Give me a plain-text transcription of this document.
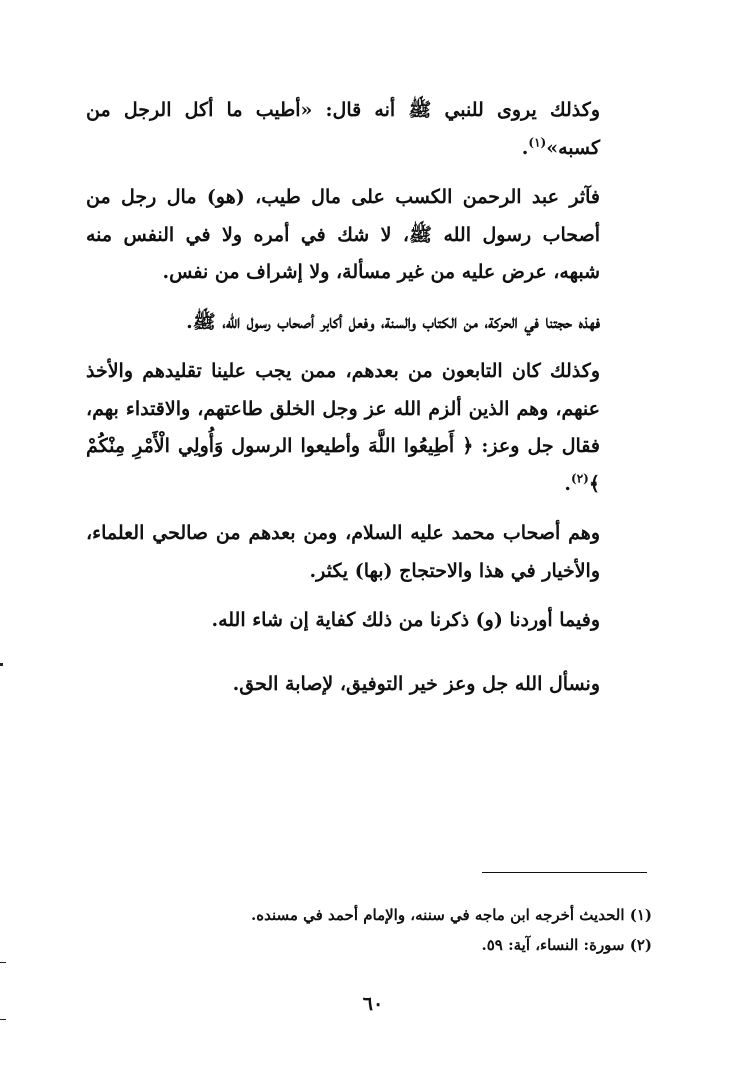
وكذلك يروى للنبي ﷺ أنه قال: «أطيب ما أكل الرجل من كسبه»$^{(١)}$.

فآثر عبد الرحمن الكسب على مال طيب، (هو) مال رجل من أصحاب رسول الله ﷺ، لا شك في أمره ولا في النفس منه شبهه، عرض عليه من غير مسألة، ولا إشراف من نفس.

فهذه حجتنا في الحركة، من الكتاب والسنة، وفعل أكابر أصحاب رسول الله، ﷺ.

وكذلك كان التابعون من بعدهم، ممن يجب علينا تقليدهم والأخذ عنهم، وهم الذين ألزم الله عز وجل الخلق طاعتهم، والاقتداء بهم، فقال جل وعز: ﴿ أَطِيعُوا اللَّهَ وأطيعوا الرسول وَأُولِي الْأَمْرِ مِنْكُمْ ﴾$^{(٢)}$.

وهم أصحاب محمد عليه السلام، ومن بعدهم من صالحي العلماء، والأخيار في هذا والاحتجاج (بها) يكثر.

وفيما أوردنا (و) ذكرنا من ذلك كفاية إن شاء الله.

ونسأل الله جل وعز خير التوفيق، لإصابة الحق.

(١) الحديث أخرجه ابن ماجه في سننه، والإمام أحمد في مسنده.

(٢) سورة: النساء، آية: ٥٩.

٦٠
